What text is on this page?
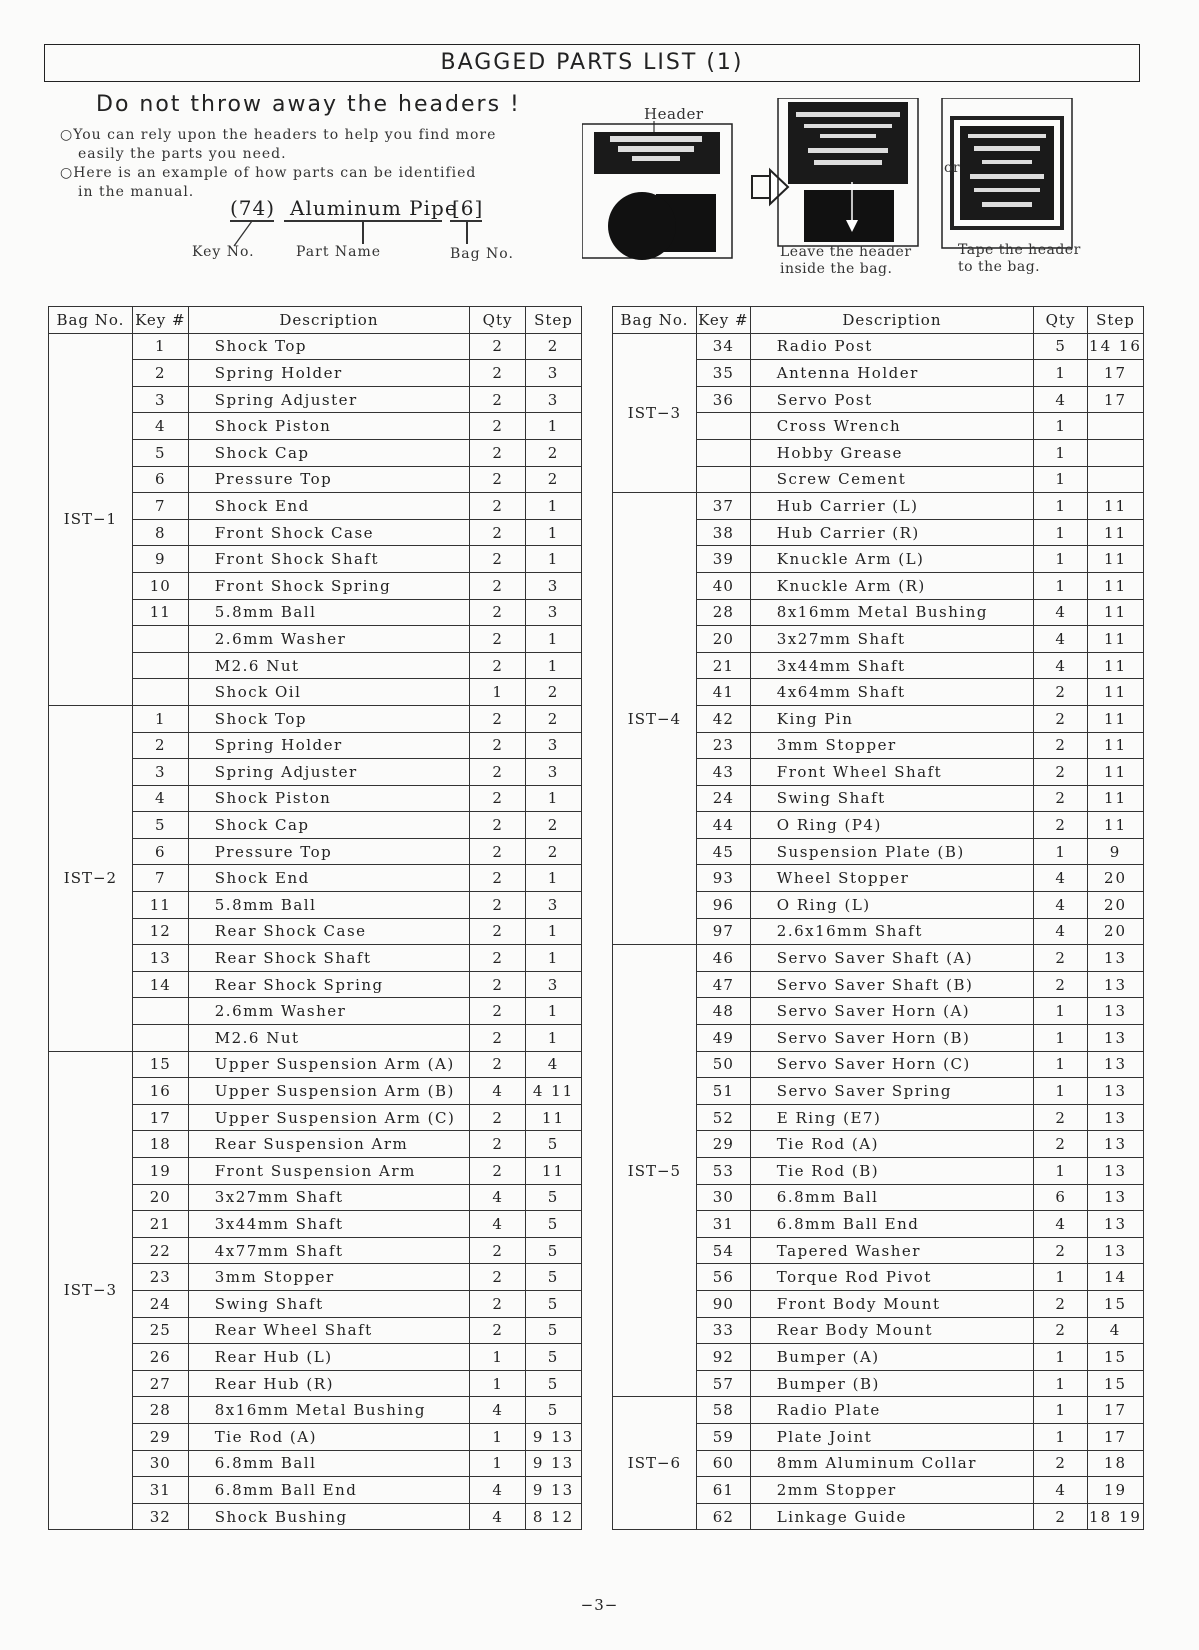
BAGGED PARTS LIST (1)
Do not throw away the headers !
○You can rely upon the headers to help you find more
easily the parts you need.
○Here is an example of how parts can be identified
in the manual.
(74) Aluminum Pipe
[6]
Key No.	Part Name	Bag No.
Header
or
Leave the header
inside the bag.
Tape the header
to the bag.
Bag No.	Key #	Description	Qty	Step
IST−1	1	Shock Top	2	2
	2	Spring Holder	2	3
	3	Spring Adjuster	2	3
	4	Shock Piston	2	1
	5	Shock Cap	2	2
	6	Pressure Top	2	2
	7	Shock End	2	1
	8	Front Shock Case	2	1
	9	Front Shock Shaft	2	1
	10	Front Shock Spring	2	3
	11	5.8mm Ball	2	3
		2.6mm Washer	2	1
		M2.6 Nut	2	1
		Shock Oil	1	2
IST−2	1	Shock Top	2	2
	2	Spring Holder	2	3
	3	Spring Adjuster	2	3
	4	Shock Piston	2	1
	5	Shock Cap	2	2
	6	Pressure Top	2	2
	7	Shock End	2	1
	11	5.8mm Ball	2	3
	12	Rear Shock Case	2	1
	13	Rear Shock Shaft	2	1
	14	Rear Shock Spring	2	3
		2.6mm Washer	2	1
		M2.6 Nut	2	1
IST−3	15	Upper Suspension Arm (A)	2	4
	16	Upper Suspension Arm (B)	4	4 11
	17	Upper Suspension Arm (C)	2	11
	18	Rear Suspension Arm	2	5
	19	Front Suspension Arm	2	11
	20	3x27mm Shaft	4	5
	21	3x44mm Shaft	4	5
	22	4x77mm Shaft	2	5
	23	3mm Stopper	2	5
	24	Swing Shaft	2	5
	25	Rear Wheel Shaft	2	5
	26	Rear Hub (L)	1	5
	27	Rear Hub (R)	1	5
	28	8x16mm Metal Bushing	4	5
	29	Tie Rod (A)	1	9 13
	30	6.8mm Ball	1	9 13
	31	6.8mm Ball End	4	9 13
	32	Shock Bushing	4	8 12
Bag No.	Key #	Description	Qty	Step
IST−3	34	Radio Post	5	14 16
	35	Antenna Holder	1	17
	36	Servo Post	4	17
		Cross Wrench	1	
		Hobby Grease	1	
		Screw Cement	1	
IST−4	37	Hub Carrier (L)	1	11
	38	Hub Carrier (R)	1	11
	39	Knuckle Arm (L)	1	11
	40	Knuckle Arm (R)	1	11
	28	8x16mm Metal Bushing	4	11
	20	3x27mm Shaft	4	11
	21	3x44mm Shaft	4	11
	41	4x64mm Shaft	2	11
	42	King Pin	2	11
	23	3mm Stopper	2	11
	43	Front Wheel Shaft	2	11
	24	Swing Shaft	2	11
	44	O Ring (P4)	2	11
	45	Suspension Plate (B)	1	9
	93	Wheel Stopper	4	20
	96	O Ring (L)	4	20
	97	2.6x16mm Shaft	4	20
IST−5	46	Servo Saver Shaft (A)	2	13
	47	Servo Saver Shaft (B)	2	13
	48	Servo Saver Horn (A)	1	13
	49	Servo Saver Horn (B)	1	13
	50	Servo Saver Horn (C)	1	13
	51	Servo Saver Spring	1	13
	52	E Ring (E7)	2	13
	29	Tie Rod (A)	2	13
	53	Tie Rod (B)	1	13
	30	6.8mm Ball	6	13
	31	6.8mm Ball End	4	13
	54	Tapered Washer	2	13
	56	Torque Rod Pivot	1	14
	90	Front Body Mount	2	15
	33	Rear Body Mount	2	4
	92	Bumper (A)	1	15
	57	Bumper (B)	1	15
IST−6	58	Radio Plate	1	17
	59	Plate Joint	1	17
	60	8mm Aluminum Collar	2	18
	61	2mm Stopper	4	19
	62	Linkage Guide	2	18 19
−3−
